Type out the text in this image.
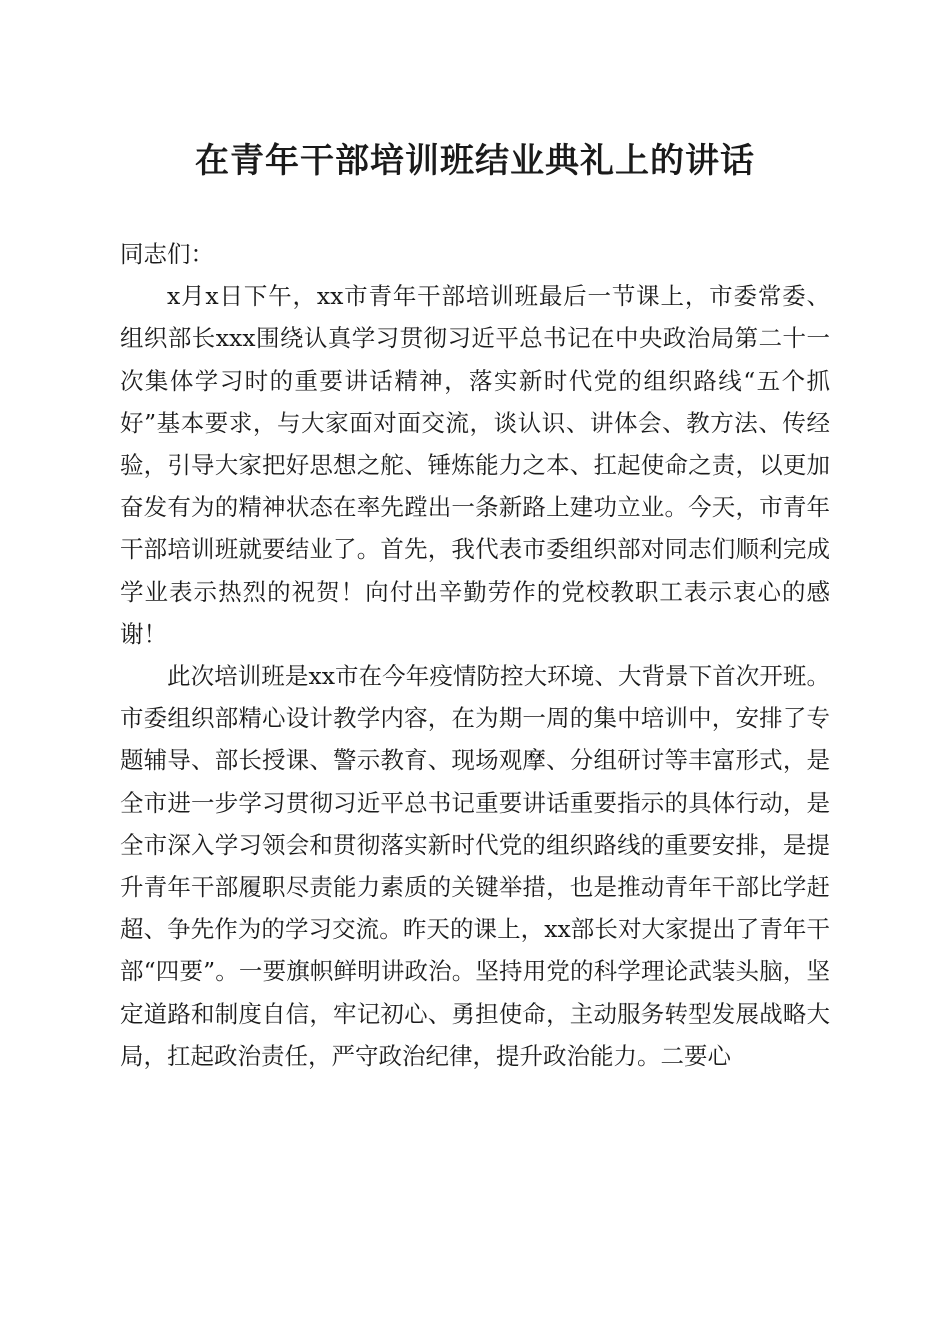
在青年干部培训班结业典礼上的讲话

同志们：

x月x日下午，xx市青年干部培训班最后一节课上，市委常委、组织部长xxx围绕认真学习贯彻习近平总书记在中央政治局第二十一次集体学习时的重要讲话精神，落实新时代党的组织路线“五个抓好”基本要求，与大家面对面交流，谈认识、讲体会、教方法、传经验，引导大家把好思想之舵、锤炼能力之本、扛起使命之责，以更加奋发有为的精神状态在率先蹚出一条新路上建功立业。今天，市青年干部培训班就要结业了。首先，我代表市委组织部对同志们顺利完成学业表示热烈的祝贺！向付出辛勤劳作的党校教职工表示衷心的感谢！

此次培训班是xx市在今年疫情防控大环境、大背景下首次开班。市委组织部精心设计教学内容，在为期一周的集中培训中，安排了专题辅导、部长授课、警示教育、现场观摩、分组研讨等丰富形式，是全市进一步学习贯彻习近平总书记重要讲话重要指示的具体行动，是全市深入学习领会和贯彻落实新时代党的组织路线的重要安排，是提升青年干部履职尽责能力素质的关键举措，也是推动青年干部比学赶超、争先作为的学习交流。昨天的课上，xx部长对大家提出了青年干部“四要”。一要旗帜鲜明讲政治。坚持用党的科学理论武装头脑，坚定道路和制度自信，牢记初心、勇担使命，主动服务转型发展战略大局，扛起政治责任，严守政治纪律，提升政治能力。二要心
